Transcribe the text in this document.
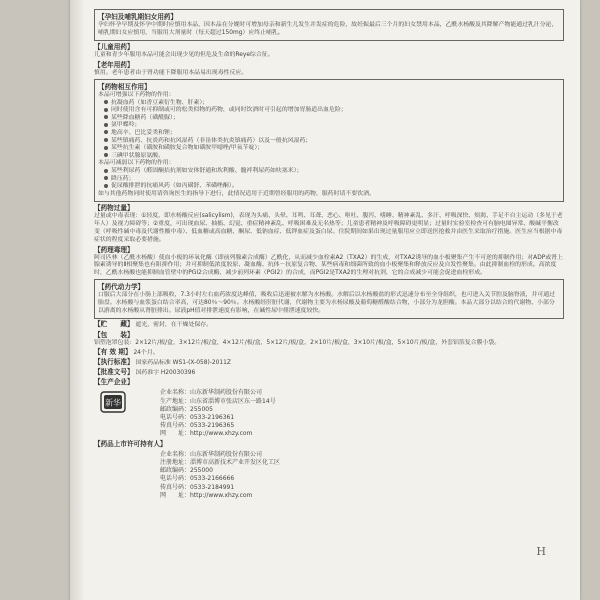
【孕妇及哺乳期妇女用药】

孕妇怀孕早期及怀孕中期时应慎用本品，因本品在分娩时可增加母亲和新生儿发生并发症的危险，故妊娠最后三个月的妇女禁用本品，乙酰水杨酸及其降解产物能通过乳汁分泌，哺乳期妇女应慎用，当服用大剂量时（每天超过150mg）应终止哺乳。

【儿童用药】

儿童和青少年服用本品可能会出现少见的但危及生命的Reye综合征。

【老年用药】

慎用。老年患者由于肾功能下降服用本品易出现毒性反应。

【药物相互作用】

本品可增强以下药物的作用：

抗凝血药（如香豆素衍生物、肝素）；
同时使用含有可抑制或可的松类似物的药物，或同时饮酒时可引起的增加胃肠道出血危险；
某些降血糖药（磺酰脲）；
氨甲蝶呤；
地高辛、巴比妥类和锂；
某些镇痛药、抗炎药和抗风湿药（非甾体类抗炎镇痛药）以及一般抗风湿药；
某些抗生素（磺胺和磺胺复合物如磺胺甲噁唑/甲氧苄啶）；
三碘甲状腺原氨酸。

本品可减弱以下药物的作用：

某些利尿药（醛固酮拮抗剂如安体舒通和坎利酸、髓袢利尿药如呋塞米）；
降压药；
促尿酸排泄的抗痛风药（如丙磺舒、苯磺唑酮）。

如与其他药物同时使用请咨询医生的指导下进行，此情况适用于近期曾经服用的药物，服药时请不要饮酒。

【药物过量】

过量或中毒表现：①轻度，即水杨酸反应(salicylism)，表现为头痛、头晕、耳鸣、耳聋、恶心、呕吐、腹泻、嗜睡、精神紊乱、多汗、呼吸深快、烦渴、手足不自主运动（多见于老年人）及视力障碍等；②重度，可出现血尿、抽搐、幻觉、重症精神紊乱、呼吸困难及无名热等；儿童患者精神及呼吸障碍更明显；过量时实验室检查可有脑电图异常、酸碱平衡改变（呼吸性碱中毒及代谢性酸中毒）、低血糖或高血糖、酮尿、低钠血症、低钾血症及蛋白尿。住院期间如果出现过量服用应立即送医抢救并由医生采取治疗措施。医生应当根据中毒症状的程度采取必要措施。

【药理毒理】

阿司匹林（乙酰水杨酸）使血小板的环氧化酶（即前列腺素合成酶）乙酰化，从而减少血栓素A2（TXA2）的生成，对TXA2诱导的血小板聚集产生不可逆的抑制作用；对ADP或肾上腺素诱导的Ⅱ相聚集也有阻抑作用；并可抑制低浓度胶原、凝血酶、抗体－抗原复合物、某些病毒和细菌所致的血小板聚集和释放反应及自发性聚集。由此抑制血栓的形成。高浓度时，乙酰水杨酸也能抑制血管壁中的PGI2合成酶，减少前列环素（PGI2）的合成，而PGI2是TXA2的生理对抗剂，它的合成减少可能会促进血栓形成。

【药代动力学】

口服后大部分在小肠上部吸收，7.3小时左右血药浓度达峰值，吸收后迅速被水解为水杨酸。水解后以水杨酸盐的形式迅速分布至全身组织，也可进入关节腔及脑脊液，并可通过胎盘。水杨酸与血浆蛋白结合率高，可达80％～90％。水杨酸经肝脏代谢，代谢物主要为水杨尿酸及葡萄糖醛酸结合物，小部分为龙胆酸。本品大部分以结合的代谢物、小部分以游离的水杨酸从肾脏排出。尿液pH值对排泄速度有影响，在碱性尿中排泄速度较快。

【贮　　藏】 遮光，密封，在干燥处保存。

【包　　装】

铝塑泡罩包装：2×12片/板/盒，3×12片/板/盒，4×12片/板/盒，5×12片/板/盒，2×10片/板/盒，3×10片/板/盒，5×10片/板/盒，外套铝箔复合膜小袋。

【有 效 期】 24个月。

【执行标准】 国家药品标准 WS1-(X-058)-2011Z

【批准文号】 国药准字 H20030396

【生产企业】
新华
企业名称：山东新华制药股份有限公司
生产地址：山东省淄博市张店区东一路14号
邮政编码：255005
电话号码：0533-2196361
传真号码：0533-2196365
网　　址：http://www.xhzy.com
【药品上市许可持有人】
企业名称：山东新华制药股份有限公司
注册地址：淄博市高新技术产业开发区化工区
邮政编码：255000
电话号码：0533-2166666
传真号码：0533-2184991
网　　址：http://www.xhzy.com
H
